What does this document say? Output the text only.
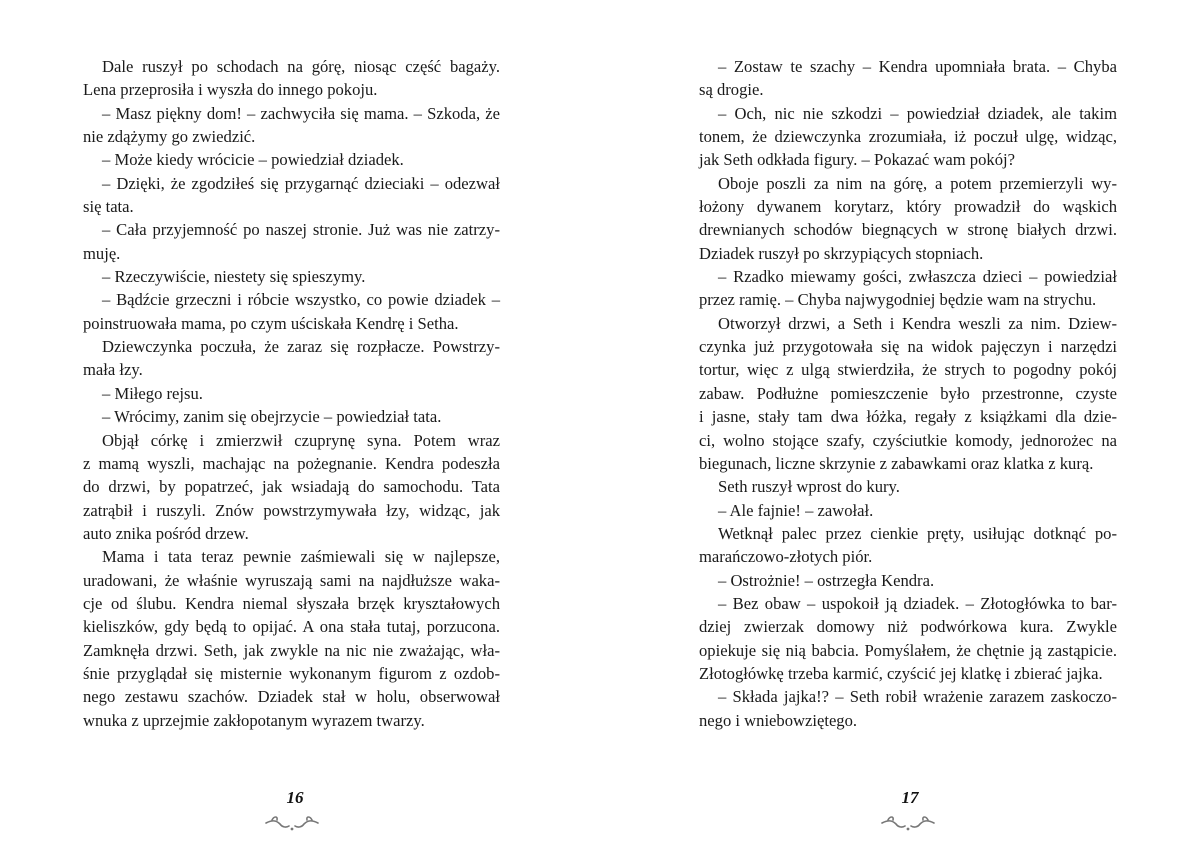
Dale ruszył po schodach na górę, niosąc część bagaży.
Lena przeprosiła i wyszła do innego pokoju.
– Masz piękny dom! – zachwyciła się mama. – Szkoda, że
nie zdążymy go zwiedzić.
– Może kiedy wrócicie – powiedział dziadek.
– Dzięki, że zgodziłeś się przygarnąć dzieciaki – odezwał
się tata.
– Cała przyjemność po naszej stronie. Już was nie zatrzy-
muję.
– Rzeczywiście, niestety się spieszymy.
– Bądźcie grzeczni i róbcie wszystko, co powie dziadek –
poinstruowała mama, po czym uściskała Kendrę i Setha.
Dziewczynka poczuła, że zaraz się rozpłacze. Powstrzy-
mała łzy.
– Miłego rejsu.
– Wrócimy, zanim się obejrzycie – powiedział tata.
Objął córkę i zmierzwił czuprynę syna. Potem wraz
z mamą wyszli, machając na pożegnanie. Kendra podeszła
do drzwi, by popatrzeć, jak wsiadają do samochodu. Tata
zatrąbił i ruszyli. Znów powstrzymywała łzy, widząc, jak
auto znika pośród drzew.
Mama i tata teraz pewnie zaśmiewali się w najlepsze,
uradowani, że właśnie wyruszają sami na najdłuższe waka-
cje od ślubu. Kendra niemal słyszała brzęk kryształowych
kieliszków, gdy będą to opijać. A ona stała tutaj, porzucona.
Zamknęła drzwi. Seth, jak zwykle na nic nie zważając, wła-
śnie przyglądał się misternie wykonanym figurom z ozdob-
nego zestawu szachów. Dziadek stał w holu, obserwował
wnuka z uprzejmie zakłopotanym wyrazem twarzy.
– Zostaw te szachy – Kendra upomniała brata. – Chyba
są drogie.
– Och, nic nie szkodzi – powiedział dziadek, ale takim
tonem, że dziewczynka zrozumiała, iż poczuł ulgę, widząc,
jak Seth odkłada figury. – Pokazać wam pokój?
Oboje poszli za nim na górę, a potem przemierzyli wy-
łożony dywanem korytarz, który prowadził do wąskich
drewnianych schodów biegnących w stronę białych drzwi.
Dziadek ruszył po skrzypiących stopniach.
– Rzadko miewamy gości, zwłaszcza dzieci – powiedział
przez ramię. – Chyba najwygodniej będzie wam na strychu.
Otworzył drzwi, a Seth i Kendra weszli za nim. Dziew-
czynka już przygotowała się na widok pajęczyn i narzędzi
tortur, więc z ulgą stwierdziła, że strych to pogodny pokój
zabaw. Podłużne pomieszczenie było przestronne, czyste
i jasne, stały tam dwa łóżka, regały z książkami dla dzie-
ci, wolno stojące szafy, czyściutkie komody, jednorożec na
biegunach, liczne skrzynie z zabawkami oraz klatka z kurą.
Seth ruszył wprost do kury.
– Ale fajnie! – zawołał.
Wetknął palec przez cienkie pręty, usiłując dotknąć po-
marańczowo-złotych piór.
– Ostrożnie! – ostrzegła Kendra.
– Bez obaw – uspokoił ją dziadek. – Złotogłówka to bar-
dziej zwierzak domowy niż podwórkowa kura. Zwykle
opiekuje się nią babcia. Pomyślałem, że chętnie ją zastąpicie.
Złotogłówkę trzeba karmić, czyścić jej klatkę i zbierać jajka.
– Składa jajka!? – Seth robił wrażenie zarazem zaskoczo-
nego i wniebowziętego.
16	17
